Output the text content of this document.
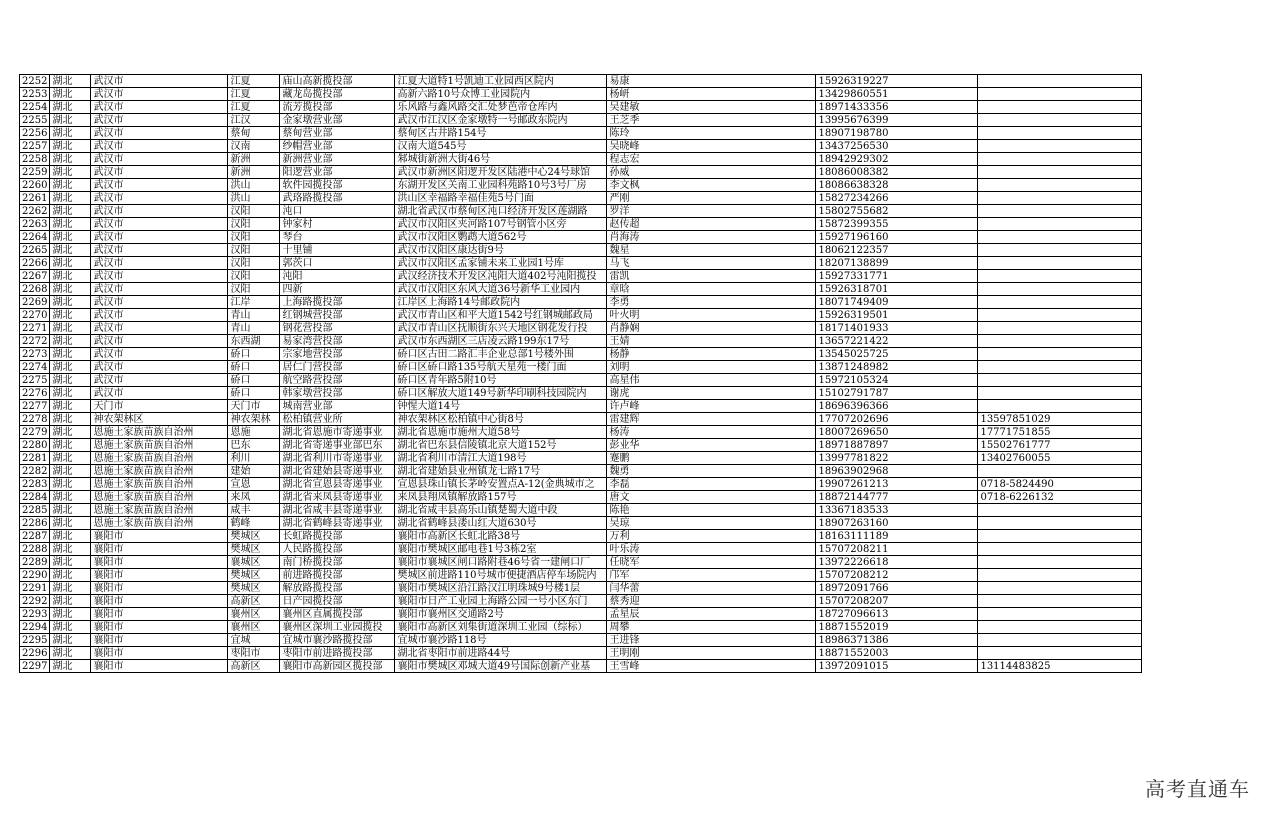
2252	湖北	武汉市	江夏	庙山高新揽投部	江夏大道特1号凯迪工业园西区院内	易康	15926319227	
2253	湖北	武汉市	江夏	藏龙岛揽投部	高新六路10号众博工业园院内	杨岍	13429860551	
2254	湖北	武汉市	江夏	流芳揽投部	乐风路与鑫风路交汇处梦芭帝仓库内	吴建敏	18971433356	
2255	湖北	武汉市	江汉	金家墩营业部	武汉市江汉区金家墩特一号邮政东院内	王芝季	13995676399	
2256	湖北	武汉市	蔡甸	蔡甸营业部	蔡甸区古井路154号	陈玲	18907198780	
2257	湖北	武汉市	汉南	纱帽营业部	汉南大道545号	吴晓峰	13437256530	
2258	湖北	武汉市	新洲	新洲营业部	邾城街新洲大街46号	程志宏	18942929302	
2259	湖北	武汉市	新洲	阳逻营业部	武汉市新洲区阳逻开发区陆港中心24号球馆	孙威	18086008382	
2260	湖北	武汉市	洪山	软件园揽投部	东湖开发区关南工业园科苑路10号3号厂房	李文枫	18086638328	
2261	湖北	武汉市	洪山	武珞路揽投部	洪山区幸福路幸福佳苑5号门面	严刚	15827234266	
2262	湖北	武汉市	汉阳	沌口	湖北省武汉市蔡甸区沌口经济开发区莲湖路	罗洋	15802755682	
2263	湖北	武汉市	汉阳	钟家村	武汉市汉阳区夹河路107号钢管小区旁	赵传超	15872399355	
2264	湖北	武汉市	汉阳	琴台	武汉市汉阳区鹦鹉大道562号	肖海涛	15927196160	
2265	湖北	武汉市	汉阳	十里铺	武汉市汉阳区康达街9号	魏星	18062122357	
2266	湖北	武汉市	汉阳	郭茨口	武汉市汉阳区孟家铺未来工业园1号库	马飞	18207138899	
2267	湖北	武汉市	汉阳	沌阳	武汉经济技术开发区沌阳大道402号沌阳揽投	雷凯	15927331771	
2268	湖北	武汉市	汉阳	四新	武汉市汉阳区东风大道36号新华工业园内	章晗	15926318701	
2269	湖北	武汉市	江岸	上海路揽投部	江岸区上海路14号邮政院内	李勇	18071749409	
2270	湖北	武汉市	青山	红钢城营投部	武汉市青山区和平大道1542号红钢城邮政局	叶火明	15926319501	
2271	湖北	武汉市	青山	钢花营投部	武汉市青山区抚顺街东兴天地区钢花发行投	肖静娴	18171401933	
2272	湖北	武汉市	东西湖	易家湾营投部	武汉市东西湖区三店凌云路199东17号	王婧	13657221422	
2273	湖北	武汉市	硚口	宗家地营投部	硚口区古田二路汇丰企业总部1号楼外围	杨静	13545025725	
2274	湖北	武汉市	硚口	居仁门营投部	硚口区硚口路135号航天星苑一楼门面	刘明	13871248982	
2275	湖北	武汉市	硚口	航空路营投部	硚口区青年路5附10号	高星伟	15972105324	
2276	湖北	武汉市	硚口	韩家墩营投部	硚口区解放大道149号新华印刷科技园院内	谢虎	15102791787	
2277	湖北	天门市	天门市	城南营业部	钟惺大道14号	许卢峰	18696396366	
2278	湖北	神农架林区	神农架林	松柏镇营业所	神农架林区松柏镇中心街8号	雷建辉	17707202696	13597851029
2279	湖北	恩施土家族苗族自治州	恩施	湖北省恩施市寄递事业	湖北省恩施市施州大道58号	杨涛	18007269650	17771751855
2280	湖北	恩施土家族苗族自治州	巴东	湖北省寄递事业部巴东	湖北省巴东县信陵镇北京大道152号	彭业华	18971887897	15502761777
2281	湖北	恩施土家族苗族自治州	利川	湖北省利川市寄递事业	湖北省利川市清江大道198号	蹇鹏	13997781822	13402760055
2282	湖北	恩施土家族苗族自治州	建始	湖北省建始县寄递事业	湖北省建始县业州镇龙七路17号	魏勇	18963902968	
2283	湖北	恩施土家族苗族自治州	宣恩	湖北省宣恩县寄递事业	宣恩县珠山镇长茅岭安置点A-12(金典城市之	李磊	19907261213	0718-5824490
2284	湖北	恩施土家族苗族自治州	来凤	湖北省来凤县寄递事业	来凤县翔凤镇解放路157号	唐文	18872144777	0718-6226132
2285	湖北	恩施土家族苗族自治州	咸丰	湖北省咸丰县寄递事业	湖北省咸丰县高乐山镇楚蜀大道中段	陈艳	13367183533	
2286	湖北	恩施土家族苗族自治州	鹤峰	湖北省鹤峰县寄递事业	湖北省鹤峰县溇山红大道630号	吴琼	18907263160	
2287	湖北	襄阳市	樊城区	长虹路揽投部	襄阳市高新区长虹北路38号	万利	18163111189	
2288	湖北	襄阳市	樊城区	人民路揽投部	襄阳市樊城区邮电巷1号3栋2室	叶乐涛	15707208211	
2289	湖北	襄阳市	襄城区	南门桥揽投部	襄阳市襄城区闸口路附巷46号省一建闸口厂	任晓军	13972226618	
2290	湖北	襄阳市	樊城区	前进路揽投部	樊城区前进路110号城市便捷酒店停车场院内	邝军	15707208212	
2291	湖北	襄阳市	樊城区	解放路揽投部	襄阳市樊城区沿江路汉江明珠城9号楼1层	闫华蕾	18972091766	
2292	湖北	襄阳市	高新区	日产园揽投部	襄阳市日产工业园上海路公园一号小区东门	蔡秀迎	15707208207	
2293	湖北	襄阳市	襄州区	襄州区直属揽投部	襄阳市襄州区交通路2号	孟星辰	18727096613	
2294	湖北	襄阳市	襄州区	襄州区深圳工业园揽投	襄阳市高新区刘集街道深圳工业园（综标）	周攀	18871552019	
2295	湖北	襄阳市	宜城	宜城市襄沙路揽投部	宜城市襄沙路118号	王进锋	18986371386	
2296	湖北	襄阳市	枣阳市	枣阳市前进路揽投部	湖北省枣阳市前进路44号	王明刚	18871552003	
2297	湖北	襄阳市	高新区	襄阳市高新园区揽投部	襄阳市樊城区邓城大道49号国际创新产业基	王雪峰	13972091015	13114483825
高考直通车
